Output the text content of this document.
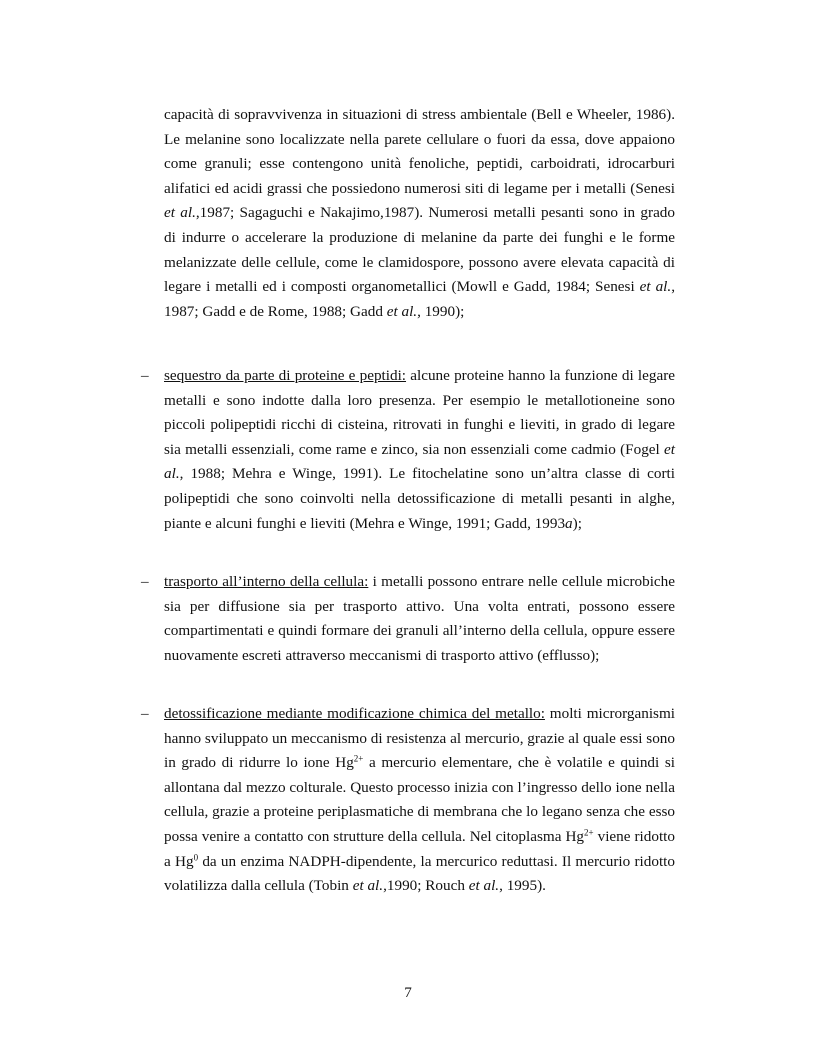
capacità di sopravvivenza in situazioni di stress ambientale (Bell e Wheeler, 1986). Le melanine sono localizzate nella parete cellulare o fuori da essa, dove appaiono come granuli; esse contengono unità fenoliche, peptidi, carboidrati, idrocarburi alifatici ed acidi grassi che possiedono numerosi siti di legame per i metalli (Senesi et al.,1987; Sagaguchi e Nakajimo,1987). Numerosi metalli pesanti sono in grado di indurre o accelerare la produzione di melanine da parte dei funghi e le forme melanizzate delle cellule, come le clamidospore, possono avere elevata capacità di legare i metalli ed i composti organometallici (Mowll e Gadd, 1984; Senesi et al., 1987; Gadd e de Rome, 1988; Gadd et al., 1990);
– sequestro da parte di proteine e peptidi: alcune proteine hanno la funzione di legare metalli e sono indotte dalla loro presenza. Per esempio le metallotioneine sono piccoli polipeptidi ricchi di cisteina, ritrovati in funghi e lieviti, in grado di legare sia metalli essenziali, come rame e zinco, sia non essenziali come cadmio (Fogel et al., 1988; Mehra e Winge, 1991). Le fitochelatine sono un’altra classe di corti polipeptidi che sono coinvolti nella detossificazione di metalli pesanti in alghe, piante e alcuni funghi e lieviti (Mehra e Winge, 1991; Gadd, 1993a);
– trasporto all’interno della cellula: i metalli possono entrare nelle cellule microbiche sia per diffusione sia per trasporto attivo. Una volta entrati, possono essere compartimentati e quindi formare dei granuli all’interno della cellula, oppure essere nuovamente escreti attraverso meccanismi di trasporto attivo (efflusso);
– detossificazione mediante modificazione chimica del metallo: molti microrganismi hanno sviluppato un meccanismo di resistenza al mercurio, grazie al quale essi sono in grado di ridurre lo ione $Hg^{2+}$ a mercurio elementare, che è volatile e quindi si allontana dal mezzo colturale. Questo processo inizia con l’ingresso dello ione nella cellula, grazie a proteine periplasmatiche di membrana che lo legano senza che esso possa venire a contatto con strutture della cellula. Nel citoplasma $Hg^{2+}$ viene ridotto a Hg$^0$ da un enzima NADPH-dipendente, la mercurico reduttasi. Il mercurio ridotto volatilizza dalla cellula (Tobin et al.,1990; Rouch et al., 1995).
7
